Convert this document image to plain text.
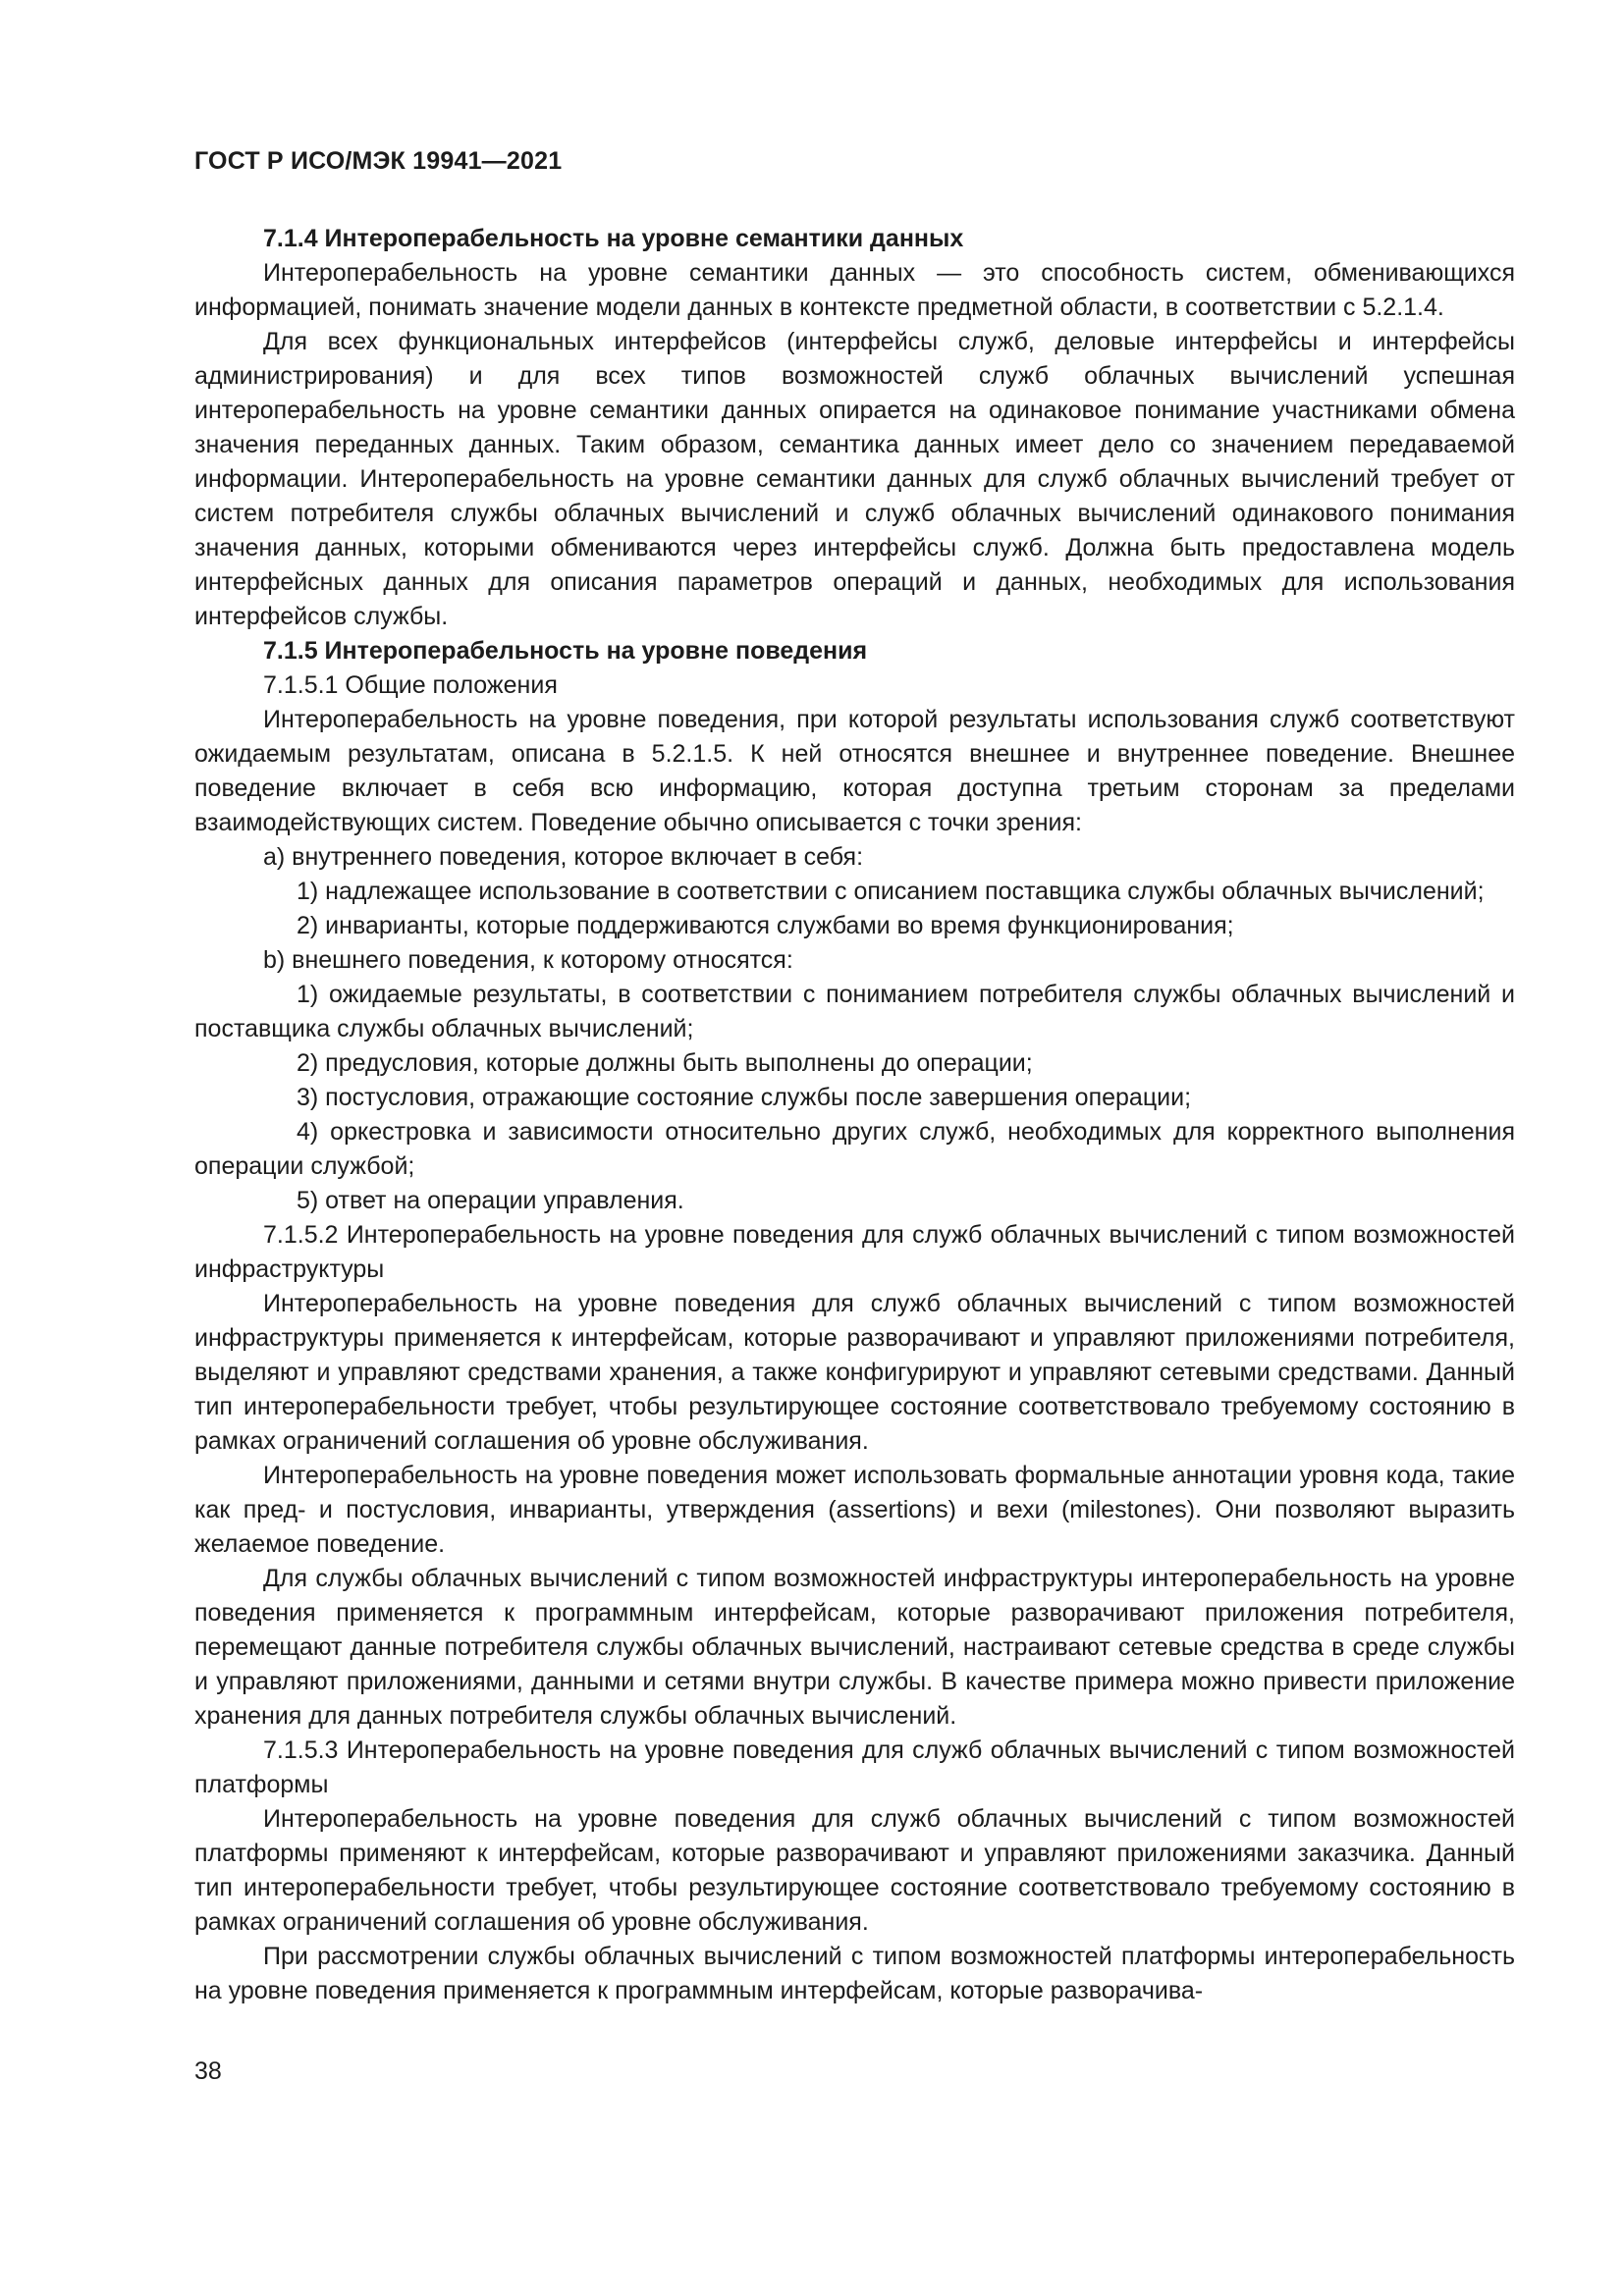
ГОСТ Р ИСО/МЭК 19941—2021

7.1.4 Интероперабельность на уровне семантики данных

Интероперабельность на уровне семантики данных — это способность систем, обменивающихся информацией, понимать значение модели данных в контексте предметной области, в соответствии с 5.2.1.4.

Для всех функциональных интерфейсов (интерфейсы служб, деловые интерфейсы и интерфейсы администрирования) и для всех типов возможностей служб облачных вычислений успешная интероперабельность на уровне семантики данных опирается на одинаковое понимание участниками обмена значения переданных данных. Таким образом, семантика данных имеет дело со значением передаваемой информации. Интероперабельность на уровне семантики данных для служб облачных вычислений требует от систем потребителя службы облачных вычислений и служб облачных вычислений одинакового понимания значения данных, которыми обмениваются через интерфейсы служб. Должна быть предоставлена модель интерфейсных данных для описания параметров операций и данных, необходимых для использования интерфейсов службы.

7.1.5 Интероперабельность на уровне поведения

7.1.5.1 Общие положения

Интероперабельность на уровне поведения, при которой результаты использования служб соответствуют ожидаемым результатам, описана в 5.2.1.5. К ней относятся внешнее и внутреннее поведение. Внешнее поведение включает в себя всю информацию, которая доступна третьим сторонам за пределами взаимодействующих систем. Поведение обычно описывается с точки зрения:

a) внутреннего поведения, которое включает в себя:

1) надлежащее использование в соответствии с описанием поставщика службы облачных вычислений;

2) инварианты, которые поддерживаются службами во время функционирования;

b) внешнего поведения, к которому относятся:

1) ожидаемые результаты, в соответствии с пониманием потребителя службы облачных вычислений и поставщика службы облачных вычислений;

2) предусловия, которые должны быть выполнены до операции;

3) постусловия, отражающие состояние службы после завершения операции;

4) оркестровка и зависимости относительно других служб, необходимых для корректного выполнения операции службой;

5) ответ на операции управления.

7.1.5.2 Интероперабельность на уровне поведения для служб облачных вычислений с типом возможностей инфраструктуры

Интероперабельность на уровне поведения для служб облачных вычислений с типом возможностей инфраструктуры применяется к интерфейсам, которые разворачивают и управляют приложениями потребителя, выделяют и управляют средствами хранения, а также конфигурируют и управляют сетевыми средствами. Данный тип интероперабельности требует, чтобы результирующее состояние соответствовало требуемому состоянию в рамках ограничений соглашения об уровне обслуживания.

Интероперабельность на уровне поведения может использовать формальные аннотации уровня кода, такие как пред- и постусловия, инварианты, утверждения (assertions) и вехи (milestones). Они позволяют выразить желаемое поведение.

Для службы облачных вычислений с типом возможностей инфраструктуры интероперабельность на уровне поведения применяется к программным интерфейсам, которые разворачивают приложения потребителя, перемещают данные потребителя службы облачных вычислений, настраивают сетевые средства в среде службы и управляют приложениями, данными и сетями внутри службы. В качестве примера можно привести приложение хранения для данных потребителя службы облачных вычислений.

7.1.5.3 Интероперабельность на уровне поведения для служб облачных вычислений с типом возможностей платформы

Интероперабельность на уровне поведения для служб облачных вычислений с типом возможностей платформы применяют к интерфейсам, которые разворачивают и управляют приложениями заказчика. Данный тип интероперабельности требует, чтобы результирующее состояние соответствовало требуемому состоянию в рамках ограничений соглашения об уровне обслуживания.

При рассмотрении службы облачных вычислений с типом возможностей платформы интероперабельность на уровне поведения применяется к программным интерфейсам, которые разворачива-

38
